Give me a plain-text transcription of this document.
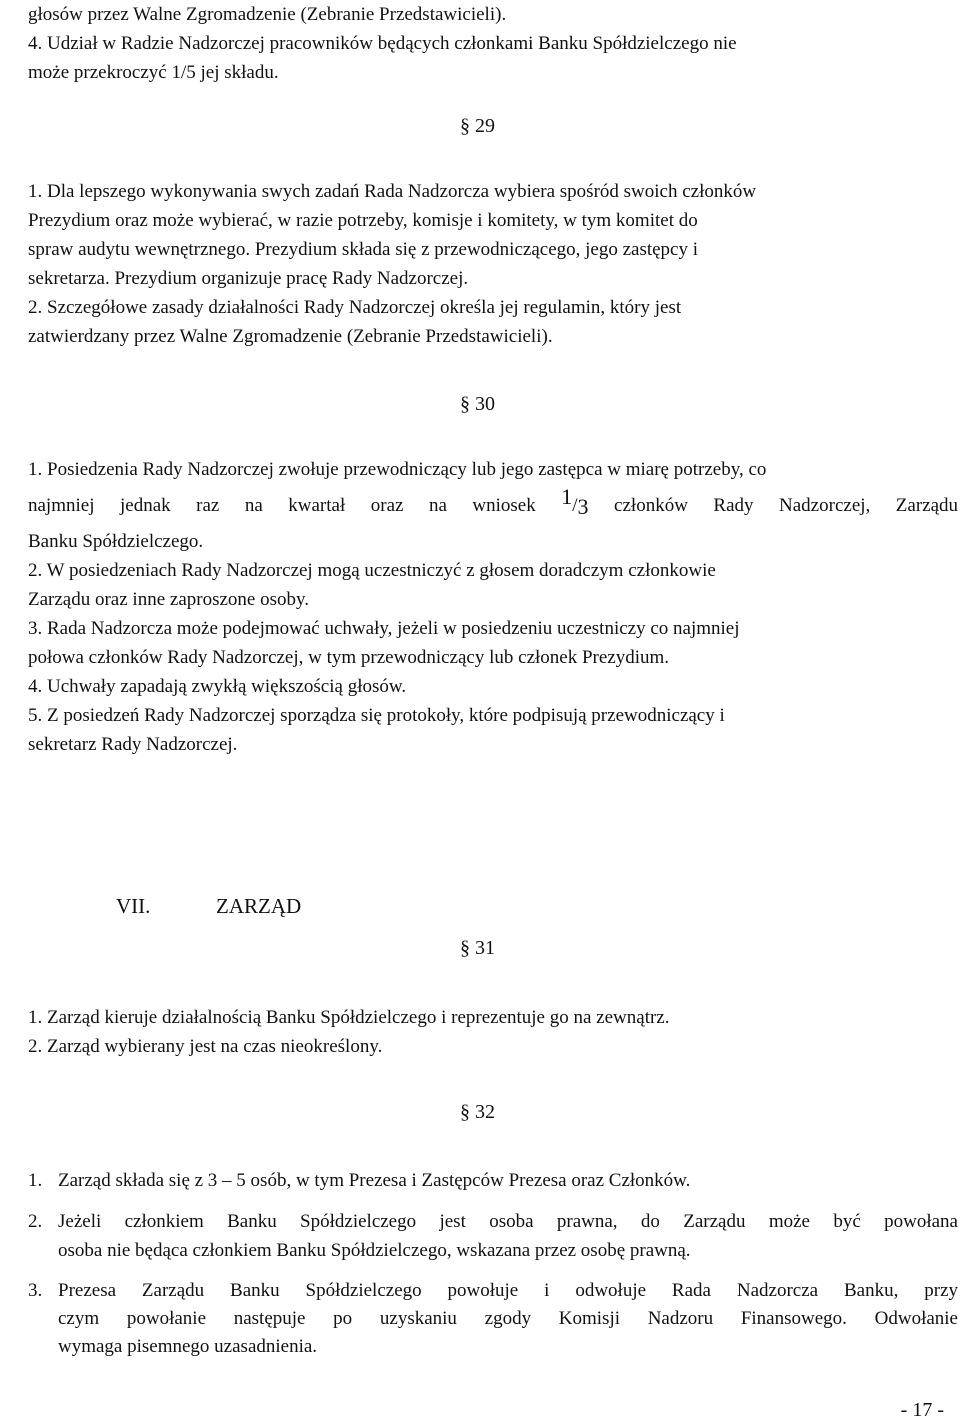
głosów przez Walne Zgromadzenie (Zebranie Przedstawicieli).
4. Udział w Radzie Nadzorczej pracowników będących członkami Banku Spółdzielczego nie
może przekroczyć 1/5 jej składu.
§ 29
1. Dla lepszego wykonywania swych zadań Rada Nadzorcza wybiera spośród swoich członków
Prezydium oraz może wybierać, w razie potrzeby, komisje i komitety, w tym komitet do
spraw audytu wewnętrznego. Prezydium składa się z przewodniczącego, jego zastępcy i
sekretarza. Prezydium organizuje pracę Rady Nadzorczej.
2. Szczegółowe zasady działalności Rady Nadzorczej określa jej regulamin, który jest
zatwierdzany przez Walne Zgromadzenie (Zebranie Przedstawicieli).
§ 30
1. Posiedzenia Rady Nadzorczej zwołuje przewodniczący lub jego zastępca w miarę potrzeby, co
najmniej jednak raz na kwartał oraz na wniosek 1/3 członków Rady Nadzorczej, Zarządu
Banku Spółdzielczego.
2. W posiedzeniach Rady Nadzorczej mogą uczestniczyć z głosem doradczym członkowie
Zarządu oraz inne zaproszone osoby.
3. Rada Nadzorcza może podejmować uchwały, jeżeli w posiedzeniu uczestniczy co najmniej
połowa członków Rady Nadzorczej, w tym przewodniczący lub członek Prezydium.
4. Uchwały zapadają zwykłą większością głosów.
5. Z posiedzeń Rady Nadzorczej sporządza się protokoły, które podpisują przewodniczący i
sekretarz Rady Nadzorczej.
VII.	ZARZĄD
§ 31
1. Zarząd kieruje działalnością Banku Spółdzielczego i reprezentuje go na zewnątrz.
2. Zarząd wybierany jest na czas nieokreślony.
§ 32
1. Zarząd składa się z 3 – 5 osób, w tym Prezesa i Zastępców Prezesa oraz Członków.
2. Jeżeli członkiem Banku Spółdzielczego jest osoba prawna, do Zarządu może być powołana
osoba nie będąca członkiem Banku Spółdzielczego, wskazana przez osobę prawną.
3. Prezesa Zarządu Banku Spółdzielczego powołuje i odwołuje Rada Nadzorcza Banku, przy
czym powołanie następuje po uzyskaniu zgody Komisji Nadzoru Finansowego. Odwołanie
wymaga pisemnego uzasadnienia.
- 17 -
